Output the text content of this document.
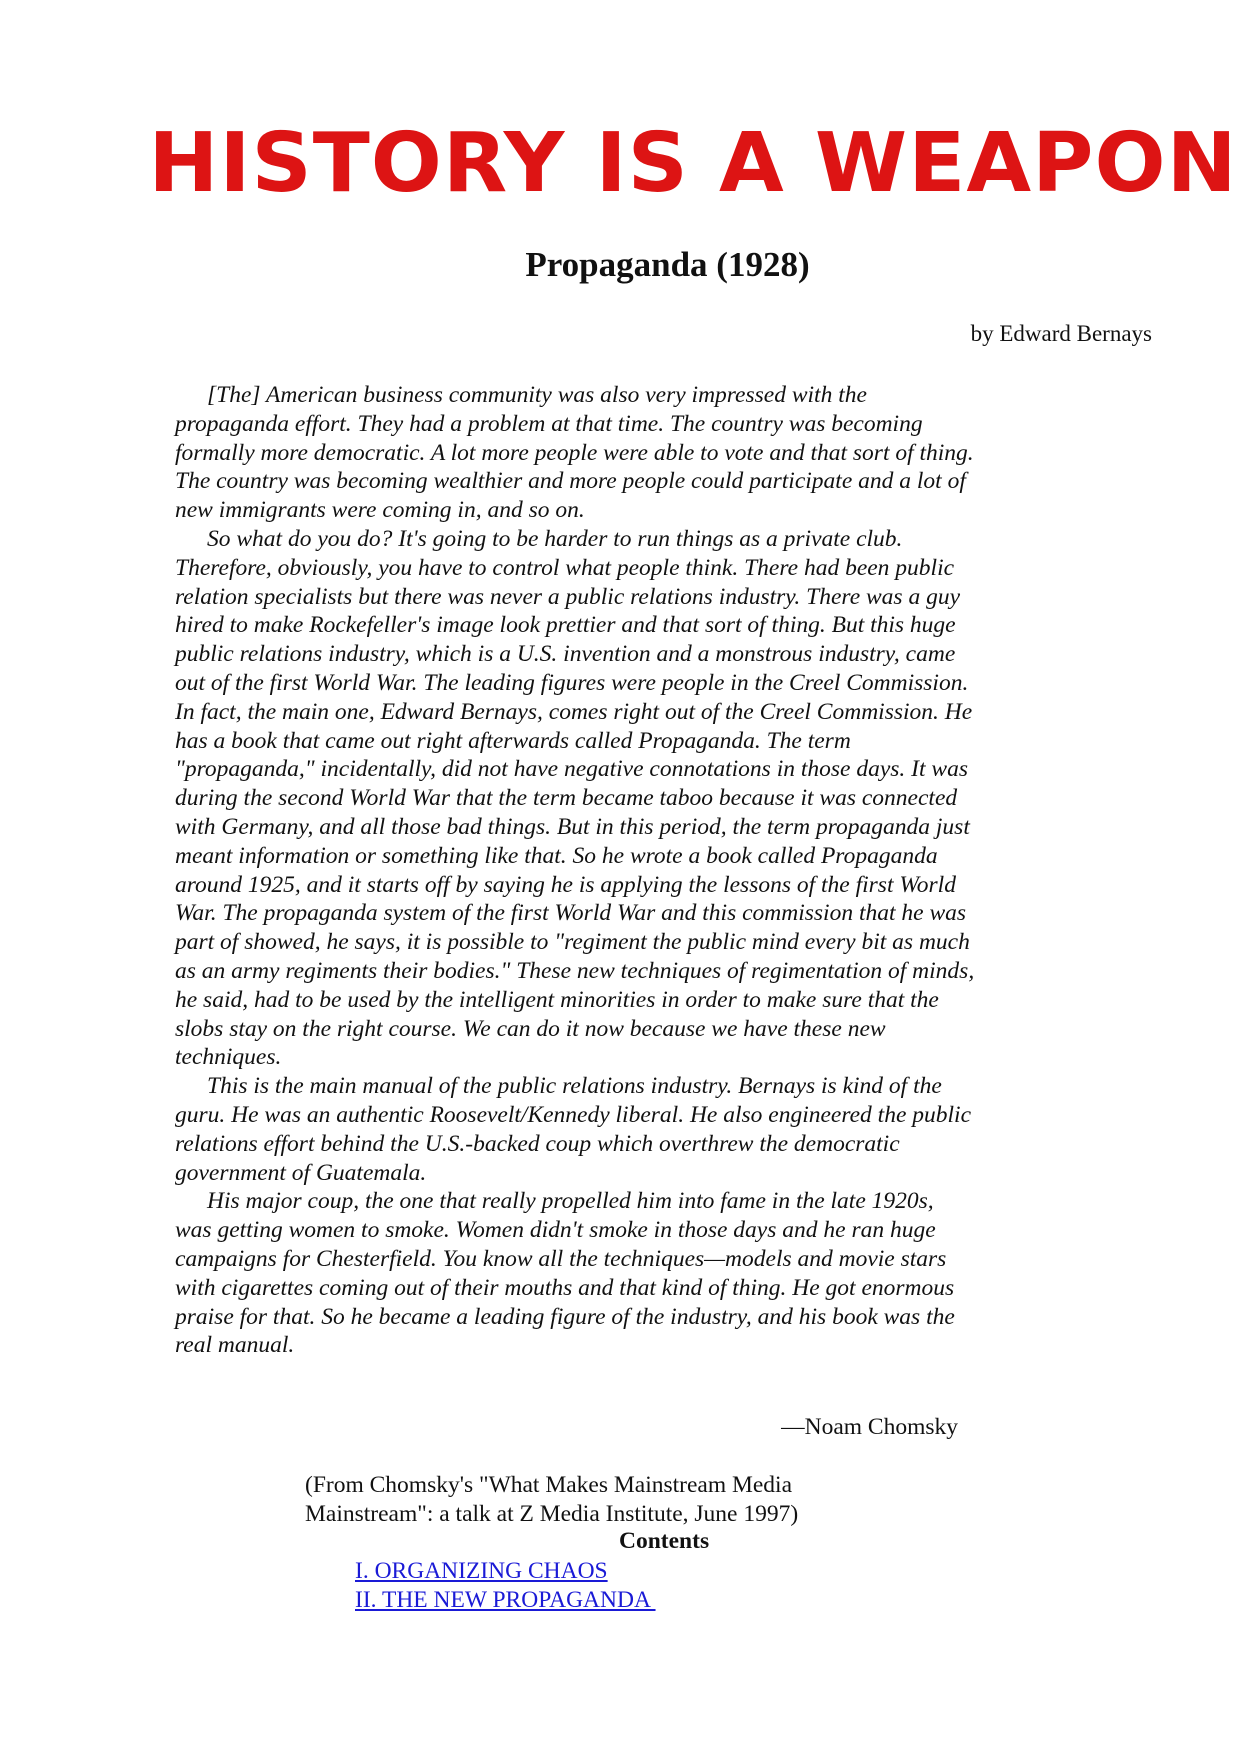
HISTORY IS A WEAPON
Propaganda (1928)
by Edward Bernays

[The] American business community was also very impressed with the propaganda effort. They had a problem at that time. The country was becoming formally more democratic. A lot more people were able to vote and that sort of thing. The country was becoming wealthier and more people could participate and a lot of new immigrants were coming in, and so on.

So what do you do? It's going to be harder to run things as a private club. Therefore, obviously, you have to control what people think. There had been public relation specialists but there was never a public relations industry. There was a guy hired to make Rockefeller's image look prettier and that sort of thing. But this huge public relations industry, which is a U.S. invention and a monstrous industry, came out of the first World War. The leading figures were people in the Creel Commission. In fact, the main one, Edward Bernays, comes right out of the Creel Commission. He has a book that came out right afterwards called Propaganda. The term "propaganda," incidentally, did not have negative connotations in those days. It was during the second World War that the term became taboo because it was connected with Germany, and all those bad things. But in this period, the term propaganda just meant information or something like that. So he wrote a book called Propaganda around 1925, and it starts off by saying he is applying the lessons of the first World War. The propaganda system of the first World War and this commission that he was part of showed, he says, it is possible to "regiment the public mind every bit as much as an army regiments their bodies." These new techniques of regimentation of minds, he said, had to be used by the intelligent minorities in order to make sure that the slobs stay on the right course. We can do it now because we have these new techniques.

This is the main manual of the public relations industry. Bernays is kind of the guru. He was an authentic Roosevelt/Kennedy liberal. He also engineered the public relations effort behind the U.S.-backed coup which overthrew the democratic government of Guatemala.

His major coup, the one that really propelled him into fame in the late 1920s, was getting women to smoke. Women didn't smoke in those days and he ran huge campaigns for Chesterfield. You know all the techniques—models and movie stars with cigarettes coming out of their mouths and that kind of thing. He got enormous praise for that. So he became a leading figure of the industry, and his book was the real manual.

—Noam Chomsky
(From Chomsky's "What Makes Mainstream Media Mainstream": a talk at Z Media Institute, June 1997)
Contents
I. ORGANIZING CHAOS
II. THE NEW PROPAGANDA
